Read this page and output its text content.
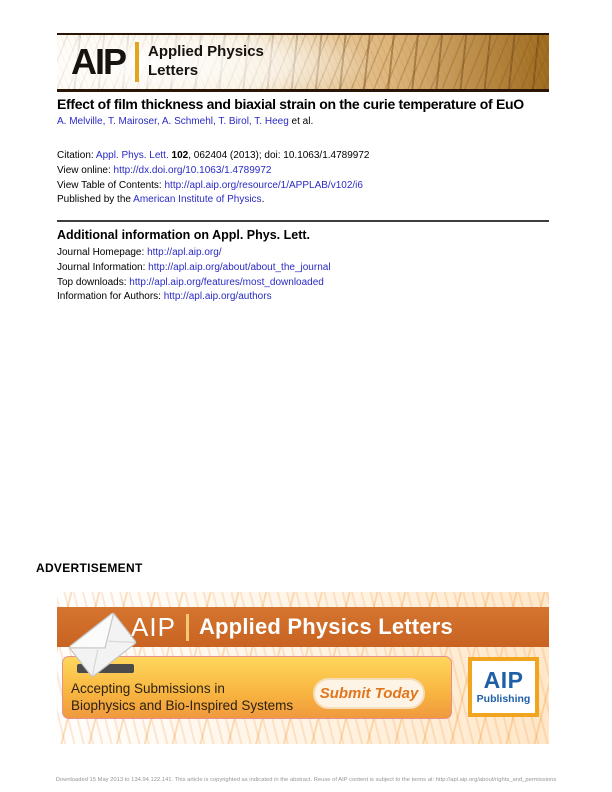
AIP Applied Physics
Letters
Effect of film thickness and biaxial strain on the curie temperature of EuO

A. Melville, T. Mairoser, A. Schmehl, T. Birol, T. Heeg et al.

Citation: Appl. Phys. Lett. 102, 062404 (2013); doi: 10.1063/1.4789972
View online: http://dx.doi.org/10.1063/1.4789972
View Table of Contents: http://apl.aip.org/resource/1/APPLAB/v102/i6
Published by the American Institute of Physics.
Additional information on Appl. Phys. Lett.
Journal Homepage: http://apl.aip.org/
Journal Information: http://apl.aip.org/about/about_the_journal
Top downloads: http://apl.aip.org/features/most_downloaded
Information for Authors: http://apl.aip.org/authors
ADVERTISEMENT
AIP Applied Physics Letters
Accepting Submissions in
Biophysics and Bio-Inspired Systems
Submit Today
AIP
Publishing
Downloaded 15 May 2013 to 134.94.122.141. This article is copyrighted as indicated in the abstract. Reuse of AIP content is subject to the terms at: http://apl.aip.org/about/rights_and_permissions
